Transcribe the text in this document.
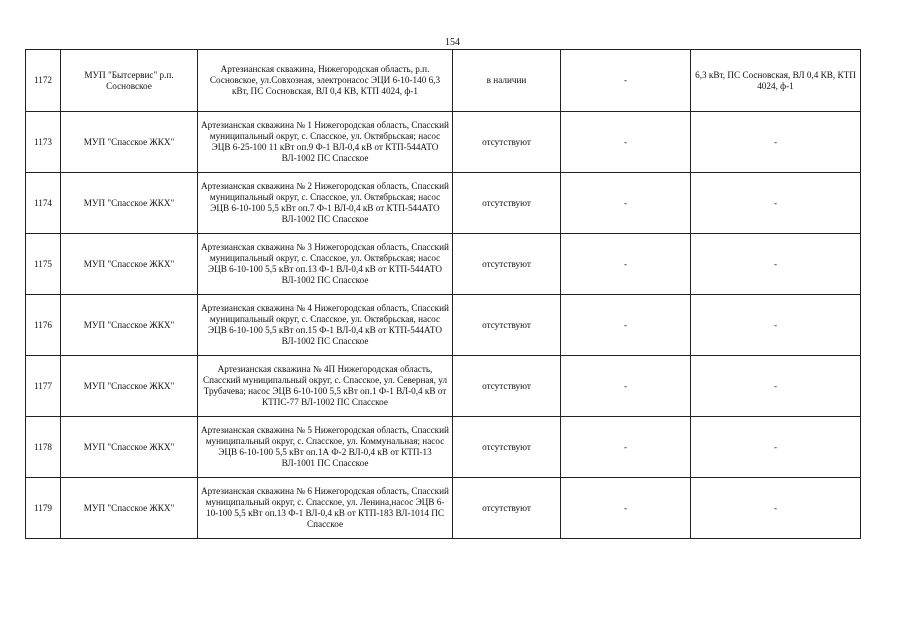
154
1172	МУП "Бытсервис" р.п. Сосновское	Артезианская скважина, Нижегородская область, р.п. Сосновское, ул.Совхозная, электронасос ЭЦИ 6-10-140 6,3 кВт, ПС Сосновская, ВЛ 0,4 КВ, КТП 4024, ф-1	в наличии	-	6,3 кВт, ПС Сосновская, ВЛ 0,4 КВ, КТП 4024, ф-1
1173	МУП "Спасское ЖКХ"	Артезианская скважина № 1 Нижегородская область, Спасский муниципальный округ, с. Спасское, ул. Октябрьская; насос ЭЦВ 6-25-100 11 кВт оп.9 Ф-1 ВЛ-0,4 кВ от КТП-544АТО ВЛ-1002 ПС Спасское	отсутствуют	-	-
1174	МУП "Спасское ЖКХ"	Артезианская скважина № 2 Нижегородская область, Спасский муниципальный округ, с. Спасское, ул. Октябрьская; насос ЭЦВ 6-10-100 5,5 кВт оп.7 Ф-1 ВЛ-0,4 кВ от КТП-544АТО ВЛ-1002 ПС Спасское	отсутствуют	-	-
1175	МУП "Спасское ЖКХ"	Артезианская скважина № 3 Нижегородская область, Спасский муниципальный округ, с. Спасское, ул. Октябрьская; насос ЭЦВ 6-10-100 5,5 кВт оп.13 Ф-1 ВЛ-0,4 кВ от КТП-544АТО ВЛ-1002 ПС Спасское	отсутствуют	-	-
1176	МУП "Спасское ЖКХ"	Артезианская скважина № 4 Нижегородская область, Спасский муниципальный округ, с. Спасское, ул. Октябрьская, насос ЭЦВ 6-10-100 5,5 кВт оп.15 Ф-1 ВЛ-0,4 кВ от КТП-544АТО ВЛ-1002 ПС Спасское	отсутствуют	-	-
1177	МУП "Спасское ЖКХ"	Артезианская скважина № 4П Нижегородская область, Спасский муниципальный округ, с. Спасское, ул. Северная, ул Трубачева; насос ЭЦВ 6-10-100 5,5 кВт оп.1 Ф-1 ВЛ-0,4 кВ от КТПС-77 ВЛ-1002 ПС Спасское	отсутствуют	-	-
1178	МУП "Спасское ЖКХ"	Артезианская скважина № 5 Нижегородская область, Спасский муниципальный округ, с. Спасское, ул. Коммунальная; насос ЭЦВ 6-10-100 5,5 кВт оп.1А Ф-2 ВЛ-0,4 кВ от КТП-13 ВЛ-1001 ПС Спасское	отсутствуют	-	-
1179	МУП "Спасское ЖКХ"	Артезианская скважина № 6 Нижегородская область, Спасский муниципальный округ, с. Спасское, ул. Ленина,насос ЭЦВ 6-10-100 5,5 кВт оп.13 Ф-1 ВЛ-0,4 кВ от КТП-183 ВЛ-1014 ПС Спасское	отсутствуют	-	-
